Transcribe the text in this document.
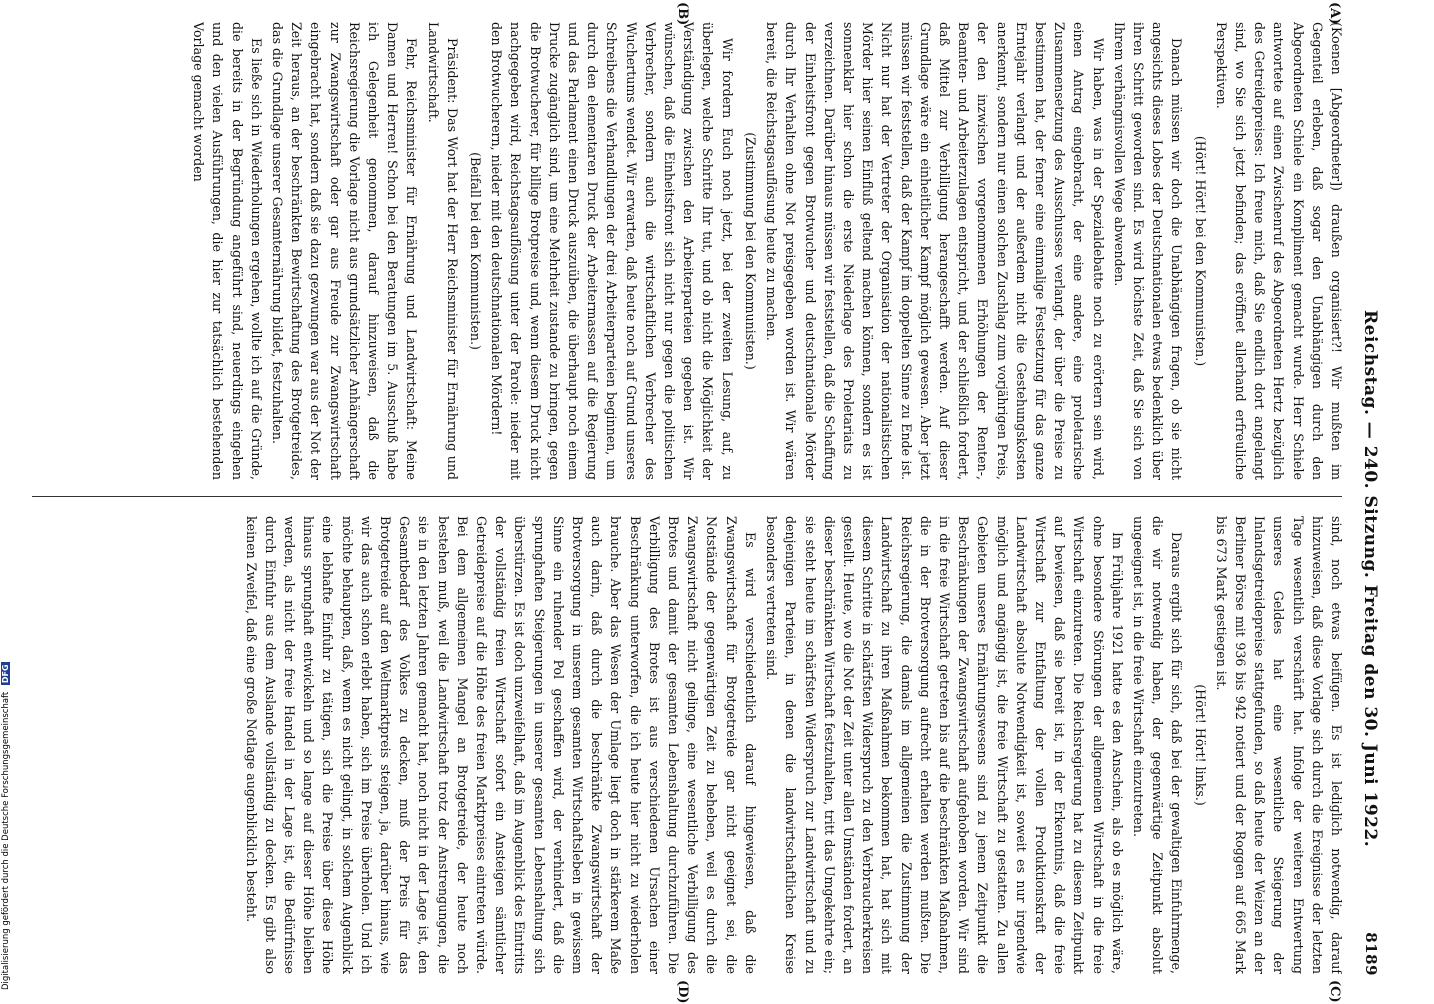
Reichstag. — 240. Sitzung. Freitag den 30. Juni 1922.
8189
(A)
(B)
(C)
(D)

(Koenen [Abgeordneter]) draußen organisiert?! Wir mußten im Gegenteil erleben, daß sogar den Unabhängigen durch den Abgeordneten Schiele ein Kompliment gemacht wurde. Herr Schiele antwortete auf einen Zwischenruf des Abgeordneten Hertz bezüglich des Getreidepreises: Ich freue mich, daß Sie endlich dort angelangt sind, wo Sie sich jetzt befinden; das eröffnet allerhand erfreuliche Perspektiven.

(Hört! Hört! bei den Kommunisten.)

Danach müssen wir doch die Unabhängigen fragen, ob sie nicht angesichts dieses Lobes der Deutschnationalen etwas bedenklich über ihren Schritt geworden sind. Es wird höchste Zeit, daß Sie sich von Ihrem verhängnisvollen Wege abwenden.

Wir haben, was in der Spezialdebatte noch zu erörtern sein wird, einen Antrag eingebracht, der eine andere, eine proletarische Zusammensetzung des Ausschusses verlangt, der über die Preise zu bestimmen hat, der ferner eine einmalige Festsetzung für das ganze Erntejahr verlangt und der außerdem nicht die Gestehungskosten anerkennt, sondern nur einen solchen Zuschlag zum vorjährigen Preis, der den inzwischen vorgenommenen Erhöhungen der Renten-, Beamten- und Arbeiterzulagen entspricht, und der schließlich fordert, daß Mittel zur Verbilligung herangeschafft werden. Auf dieser Grundlage wäre ein einheitlicher Kampf möglich gewesen. Aber jetzt müssen wir feststellen, daß der Kampf im doppelten Sinne zu Ende ist. Nicht nur hat der Vertreter der Organisation der nationalistischen Mörder hier seinen Einfluß geltend machen können, sondern es ist sonnenklar hier schon die erste Niederlage des Proletariats zu verzeichnen. Darüber hinaus müssen wir feststellen, daß die Schaffung der Einheitsfront gegen Brotwucher und deutschnationale Mörder durch Ihr Verhalten ohne Not preisgegeben worden ist. Wir wären bereit, die Reichstagsauflösung heute zu machen.

(Zustimmung bei den Kommunisten.)

Wir fordern Euch noch jetzt, bei der zweiten Lesung, auf, zu überlegen, welche Schritte Ihr tut, und ob nicht die Möglichkeit der Verständigung zwischen den Arbeiterparteien gegeben ist. Wir wünschen, daß die Einheitsfront sich nicht nur gegen die politischen Verbrecher, sondern auch die wirtschaftlichen Verbrecher des Wuchertums wendet. Wir erwarten, daß heute noch auf Grund unseres Schreibens die Verhandlungen der drei Arbeiterparteien beginnen, um durch den elementaren Druck der Arbeitermassen auf die Regierung und das Parlament einen Druck auszuüben, die überhaupt noch einem Drucke zugänglich sind, um eine Mehrheit zustande zu bringen, gegen die Brotwucherer, für billige Brotpreise und, wenn diesem Druck nicht nachgegeben wird, Reichstagsauflösung unter der Parole: nieder mit den Brotwucherern, nieder mit den deutschnationalen Mördern!

(Beifall bei den Kommunisten.)

Präsident: Das Wort hat der Herr Reichsminister für Ernährung und Landwirtschaft.

Fehr, Reichsminister für Ernährung und Landwirtschaft: Meine Damen und Herren! Schon bei den Beratungen im 5. Ausschuß habe ich Gelegenheit genommen, darauf hinzuweisen, daß die Reichsregierung die Vorlage nicht aus grundsätzlicher Anhängerschaft zur Zwangswirtschaft oder gar aus Freude zur Zwangswirtschaft eingebracht hat, sondern daß sie dazu gezwungen war aus der Not der Zeit heraus, an der beschränkten Bewirtschaftung des Brotgetreides, das die Grundlage unserer Gesamternährung bildet, festzuhalten.

Es ließe sich in Wiederholungen ergehen, wollte ich auf die Gründe, die bereits in der Begründung angeführt sind, neuerdings eingehen und den vielen Ausführungen, die hier zur tatsächlich bestehenden Vorlage gemacht worden

sind, noch etwas beifügen. Es ist lediglich notwendig, darauf hinzuweisen, daß diese Vorlage sich durch die Ereignisse der letzten Tage wesentlich verschärft hat. Infolge der weiteren Entwertung unseres Geldes hat eine wesentliche Steigerung der Inlandsgetreidepreise stattgefunden, so daß heute der Weizen an der Berliner Börse mit 936 bis 942 notiert und der Roggen auf 665 Mark bis 673 Mark gestiegen ist.

(Hört! Hört! links.)

Daraus ergibt sich für sich, daß bei der gewaltigen Einfuhrmenge, die wir notwendig haben, der gegenwärtige Zeitpunkt absolut ungeeignet ist, in die freie Wirtschaft einzutreten.

Im Frühjahre 1921 hatte es den Anschein, als ob es möglich wäre, ohne besondere Störungen der allgemeinen Wirtschaft in die freie Wirtschaft einzutreten. Die Reichsregierung hat zu diesem Zeitpunkt auf bewiesen, daß sie bereit ist, in der Erkenntnis, daß die freie Wirtschaft zur Entfaltung der vollen Produktionskraft der Landwirtschaft absolute Notwendigkeit ist, soweit es nur irgendwie möglich und angängig ist, die freie Wirtschaft zu gestatten. Zu allen Gebieten unseres Ernährungswesens sind zu jenem Zeitpunkt die Beschränkungen der Zwangswirtschaft aufgehoben worden. Wir sind in die freie Wirtschaft getreten bis auf die beschränkten Maßnahmen, die in der Brotversorgung aufrecht erhalten werden mußten. Die Reichsregierung, die damals im allgemeinen die Zustimmung der Landwirtschaft zu ihren Maßnahmen bekommen hat, hat sich mit diesem Schritte in schärfsten Widerspruch zu den Verbraucherkreisen gestellt. Heute, wo die Not der Zeit unter allen Umständen fordert, an dieser beschränkten Wirtschaft festzuhalten, tritt das Umgekehrte ein; sie steht heute im schärfsten Widerspruch zur Landwirtschaft und zu denjenigen Parteien, in denen die landwirtschaftlichen Kreise besonders vertreten sind.

Es wird verschiedentlich darauf hingewiesen, daß die Zwangswirtschaft für Brotgetreide gar nicht geeignet sei, die Notstände der gegenwärtigen Zeit zu beheben, weil es durch die Zwangswirtschaft nicht gelinge, eine wesentliche Verbilligung des Brotes und damit der gesamten Lebenshaltung durchzuführen. Die Verbilligung des Brotes ist aus verschiedenen Ursachen einer Beschränkung unterworfen, die ich heute hier nicht zu wiederholen brauche. Aber das Wesen der Umlage liegt doch in stärkerem Maße auch darin, daß durch die beschränkte Zwangswirtschaft der Brotversorgung in unserem gesamten Wirtschaftsleben in gewissem Sinne ein ruhender Pol geschaffen wird, der verhindert, daß die sprunghaften Steigerungen in unserer gesamten Lebenshaltung sich überstürzen. Es ist doch unzweifelhaft, daß im Augenblick des Eintritts der vollständig freien Wirtschaft sofort ein Ansteigen sämtlicher Getreidepreise auf die Höhe des freien Marktpreises eintreten würde. Bei dem allgemeinen Mangel an Brotgetreide, der heute noch bestehen muß, weil die Landwirtschaft trotz der Anstrengungen, die sie in den letzten Jahren gemacht hat, noch nicht in der Lage ist, den Gesamtbedarf des Volkes zu decken, muß der Preis für das Brotgetreide auf den Weltmarktpreis steigen, ja, darüber hinaus, wie wir das auch schon erlebt haben, sich im Preise überholen. Und ich möchte behaupten, daß, wenn es nicht gelingt, in solchem Augenblick eine lebhafte Einfuhr zu tätigen, sich die Preise über diese Höhe hinaus sprunghaft entwickeln und so lange auf dieser Höhe bleiben werden, als nicht der freie Handel in der Lage ist, die Bedürfnisse durch Einfuhr aus dem Auslande vollständig zu decken. Es gibt also keinen Zweifel, daß eine große Notlage augenblicklich besteht.

Digitalisierung gefördert durch die Deutsche Forschungsgemeinschaft DFG
